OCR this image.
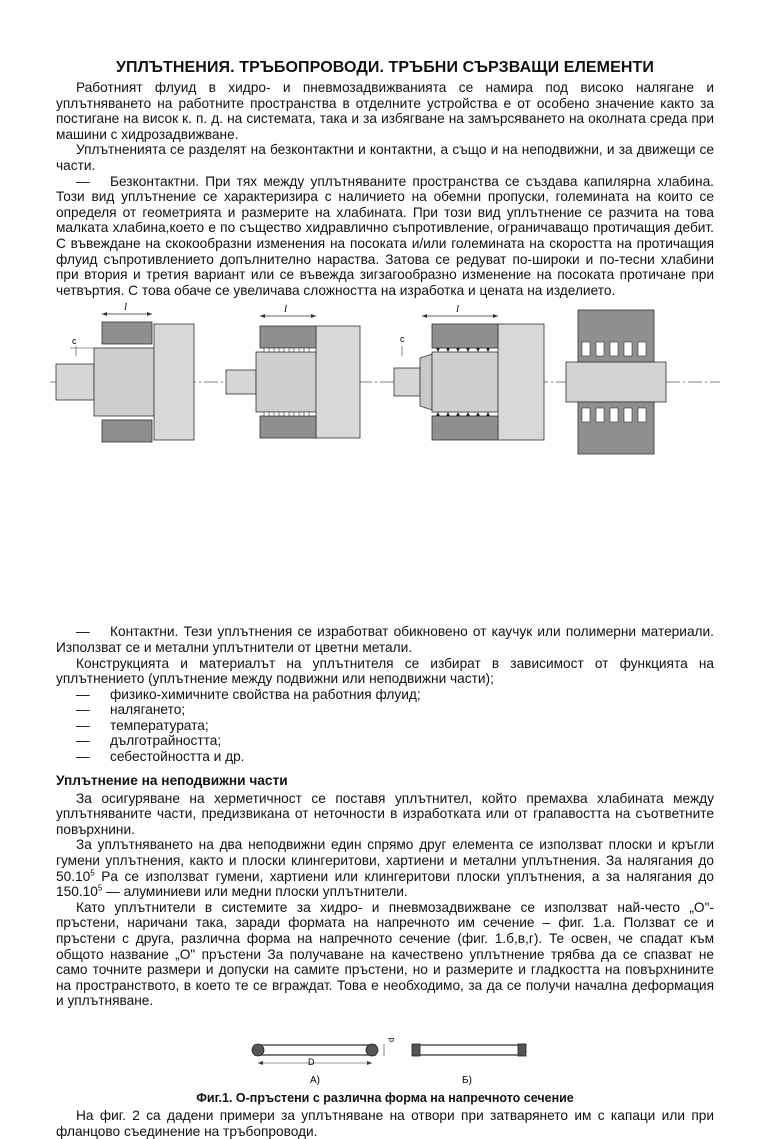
УПЛЪТНЕНИЯ. ТРЪБОПРОВОДИ. ТРЪБНИ СЪРЗВАЩИ ЕЛЕМЕНТИ

Работният флуид в хидро- и пневмозадвижванията се намира под високо налягане и уплътняването на работните пространства в отделните устройства е от особено значение както за постигане на висок к. п. д. на системата, така и за избягване на замърсяването на околната среда при машини с хидрозадвижване.

Уплътненията се разделят на безконтактни и контактни, а също и на неподвижни, и за движещи се части.

— Безконтактни. При тях между уплътняваните пространства се създава капилярна хлабина. Този вид уплътнение се характеризира с наличието на обемни пропуски, големината на които се определя от геометрията и размерите на хлабината. При този вид уплътнение се разчита на това малката хлабина,което е по същество хидравлично съпротивление, ограничаващо протичащия дебит. С въвеждане на скокообразни изменения на посоката и/или големината на скоростта на протичащия флуид съпротивлението допълнително нараства. Затова се редуват по-широки и по-тесни хлабини при втория и третия вариант или се въвежда зигзагообразно изменение на посоката протичане при четвъртия. С това обаче се увеличава сложността на изработка и цената на изделието.

l
c
l	l
c

— Контактни. Тези уплътнения се изработват обикновено от каучук или полимерни материали. Използват се и метални уплътнители от цветни метали.

Конструкцията и материалът на уплътнителя се избират в зависимост от функцията на уплътнението (уплътнение между подвижни или неподвижни части);

— физико-химичните свойства на работния флуид;
— налягането;
— температурата;
— дълготрайността;
— себестойността и др.
Уплътнение на неподвижни части

За осигуряване на херметичност се поставя уплътнител, който премахва хлабината между уплътняваните части, предизвикана от неточности в изработката или от грапавостта на съответните повърхнини.

За уплътняването на два неподвижни един спрямо друг елемента се използват плоски и кръгли гумени уплътнения, както и плоски клингеритови, хартиени и метални уплътнения. За налягания до 50.10$^5$ Pa се използват гумени, хартиени или клингеритови плоски уплътнения, а за налягания до 150.10$^5$ — алуминиеви или медни плоски уплътнители.

Като уплътнители в системите за хидро- и пневмозадвижване се използват най-често „O"-пръстени, наричани така, заради формата на напречното им сечение – фиг. 1.а. Ползват се и пръстени с друга, различна форма на напречното сечение (фиг. 1.б,в,г). Те освен, че спадат към общото название „O" пръстени За получаване на качествено уплътнение трябва да се спазват не само точните размери и допуски на самите пръстени, но и размерите и гладкостта на повърхнините на пространството, в което те се вграждат. Това е необходимо, за да се получи начална деформация и уплътняване.

D
d
А)	Б)

Фиг.1. О-пръстени с различна форма на напречното сечение

На фиг. 2 са дадени примери за уплътняване на отвори при затварянето им с капаци или при фланцово съединение на тръбопроводи.
